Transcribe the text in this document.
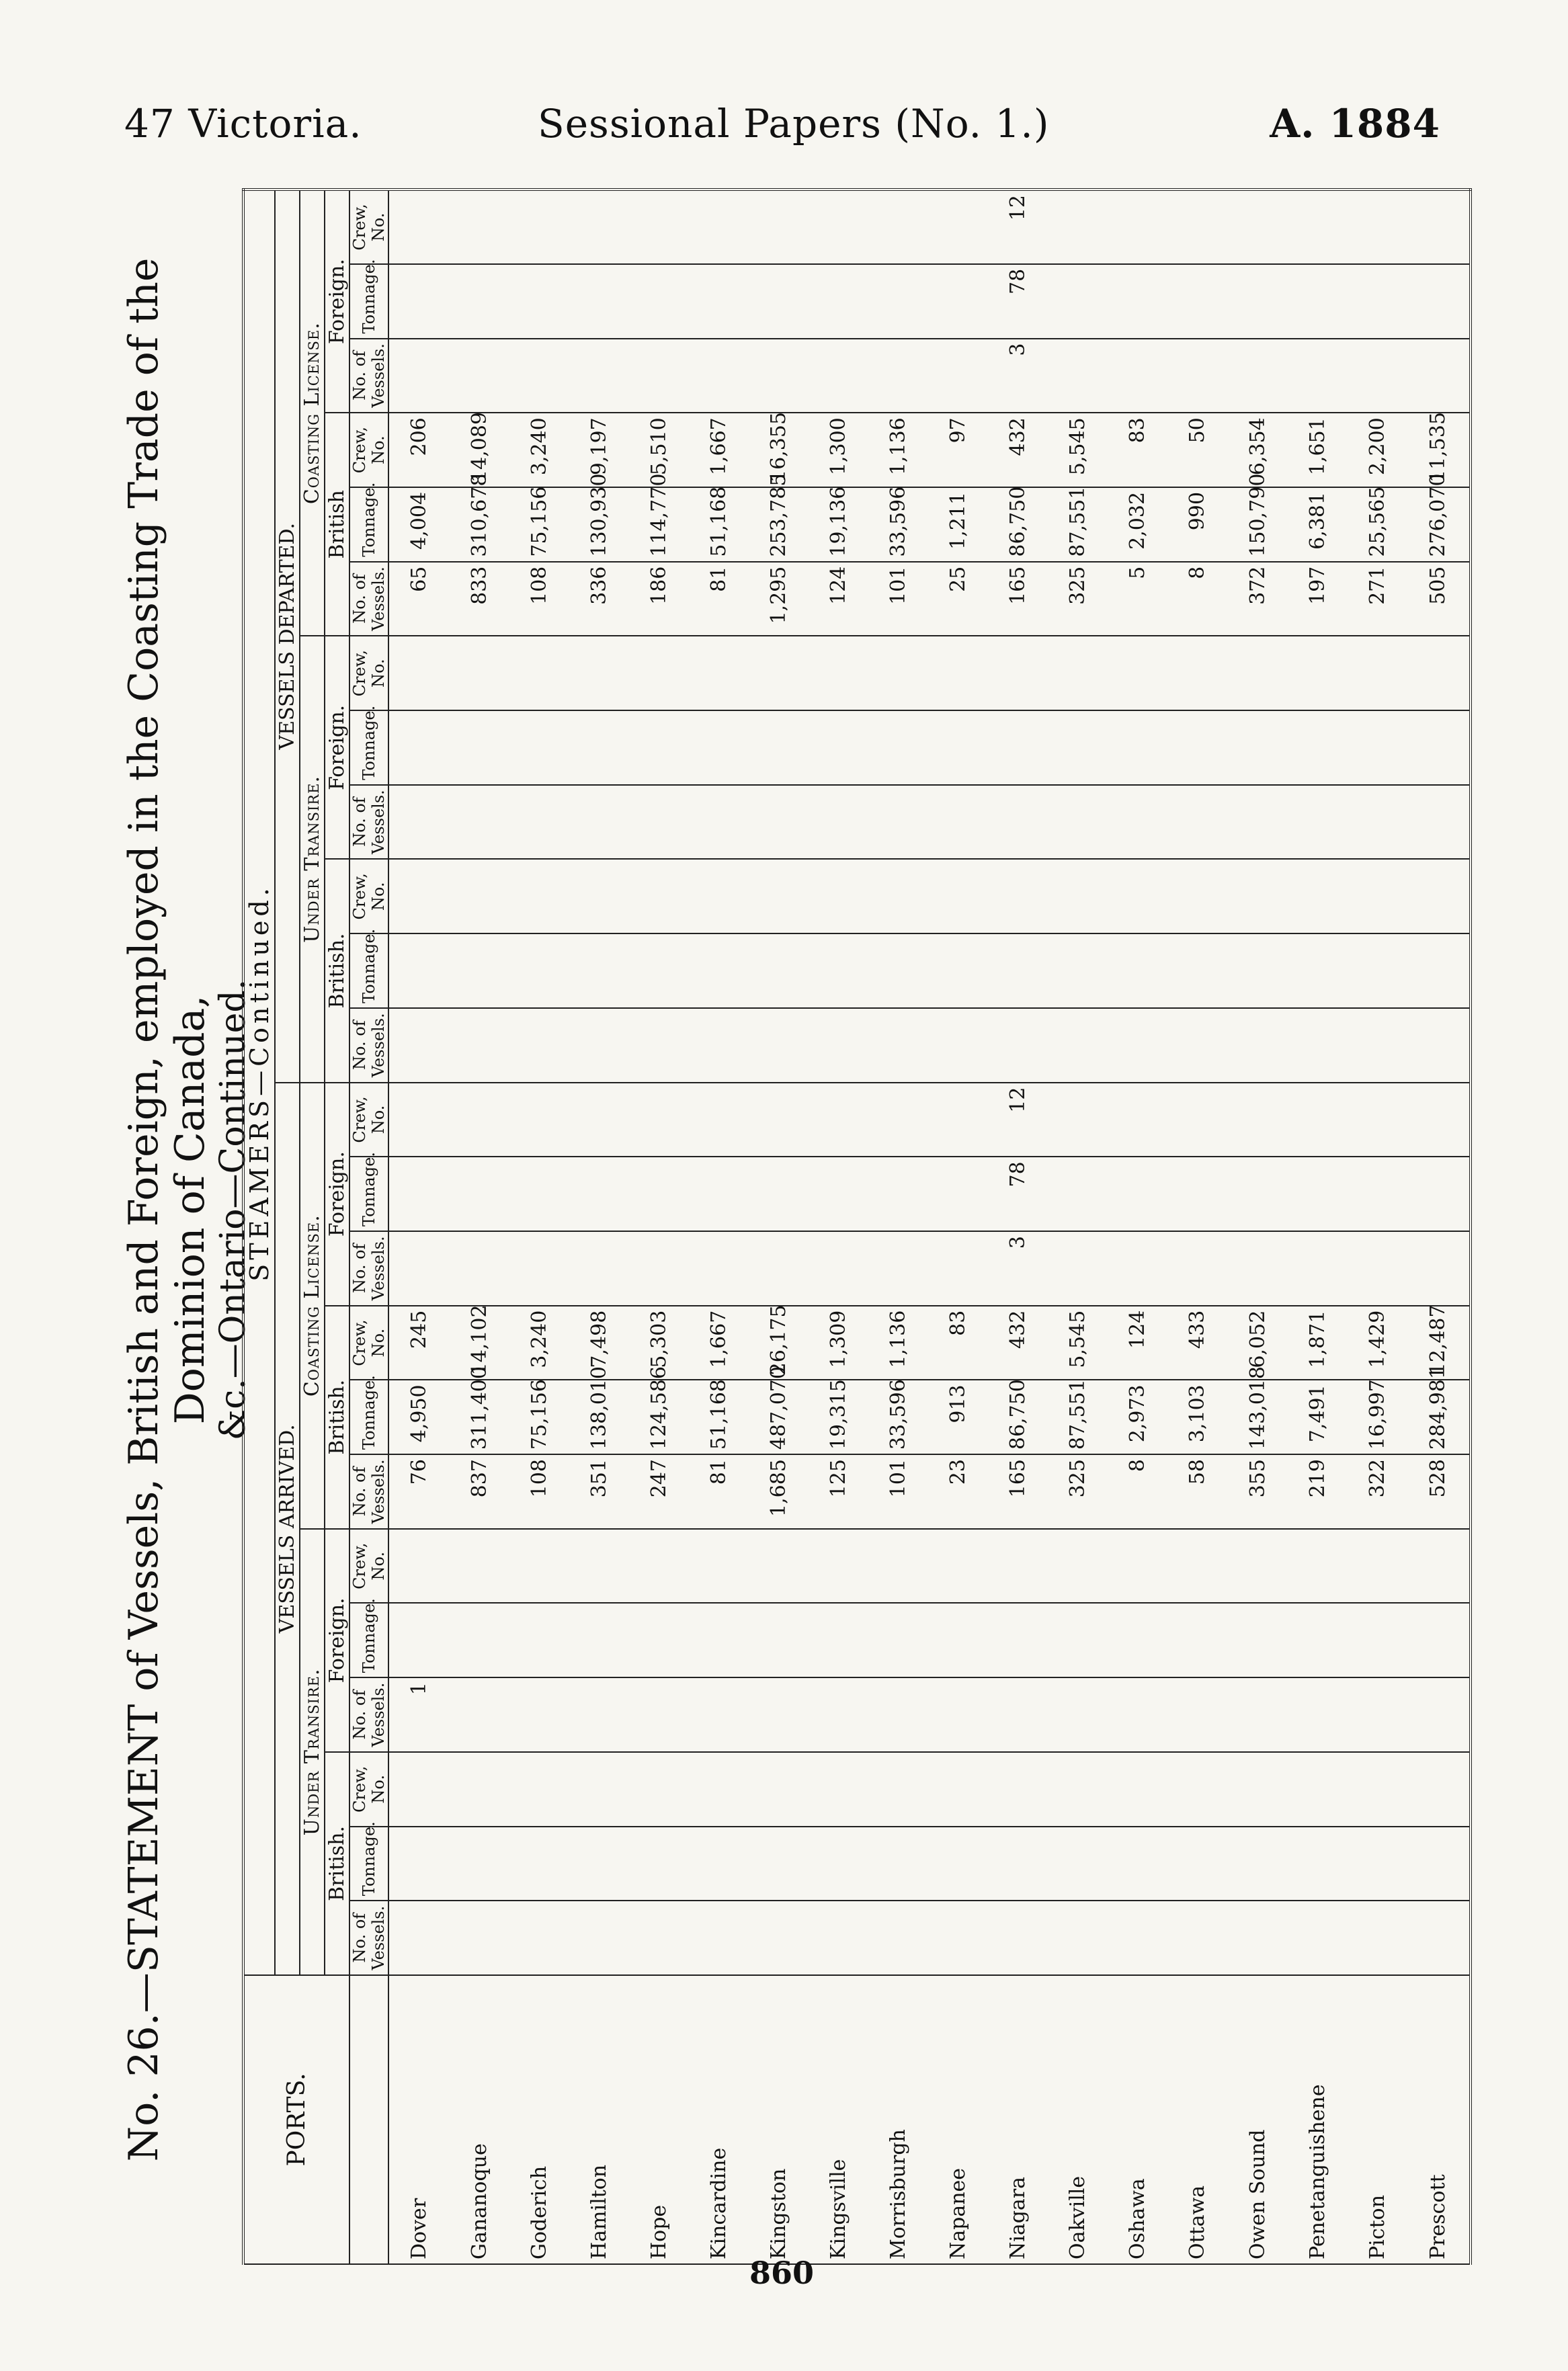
47 Victoria.	Sessional Papers (No. 1.)	A. 1884
No. 26.—STATEMENT of Vessels, British and Foreign, employed in the Coasting Trade of the Dominion of Canada, &c.—Ontario—Continued.
PORTS.	STEAMERS—Continued.																							
	VESSELS ARRIVED.												VESSELS DEPARTED.											
	Under Transire.						Coasting License.						Under Transire.						Coasting License.					
	British.			Foreign.			British.			Foreign.			British.			Foreign.			British			Foreign.		
	No. of Vessels.	Tonnage.	Crew, No.	No. of Vessels.	Tonnage.	Crew, No.	No. of Vessels.	Tonnage.	Crew, No.	No. of Vessels.	Tonnage.	Crew, No.	No. of Vessels.	Tonnage.	Crew, No.	No. of Vessels.	Tonnage.	Crew, No.	No. of Vessels.	Tonnage.	Crew, No.	No. of Vessels.	Tonnage.	Crew, No.
Dover				1			76	4,950	245										65	4,004	206			
Gananoque							837	311,400	14,102										833	310,678	14,089			
Goderich							108	75,156	3,240										108	75,156	3,240			
Hamilton							351	138,010	7,498										336	130,930	9,197			
Hope							247	124,586	5,303										186	114,770	5,510			
Kincardine							81	51,168	1,667										81	51,168	1,667			
Kingston							1,685	487,070	26,175										1,295	253,785	16,355			
Kingsville							125	19,315	1,309										124	19,136	1,300			
Morrisburgh							101	33,596	1,136										101	33,596	1,136			
Napanee							23	913	83										25	1,211	97			
Niagara							165	86,750	432	3	78	12							165	86,750	432	3	78	12
Oakville							325	87,551	5,545										325	87,551	5,545			
Oshawa							8	2,973	124										5	2,032	83			
Ottawa							58	3,103	433										8	990	50			
Owen Sound							355	143,018	6,052										372	150,790	6,354			
Penetanguishene							219	7,491	1,871										197	6,381	1,651			
Picton							322	16,997	1,429										271	25,565	2,200			
Prescott							528	284,981	12,487										505	276,070	11,535			
860
